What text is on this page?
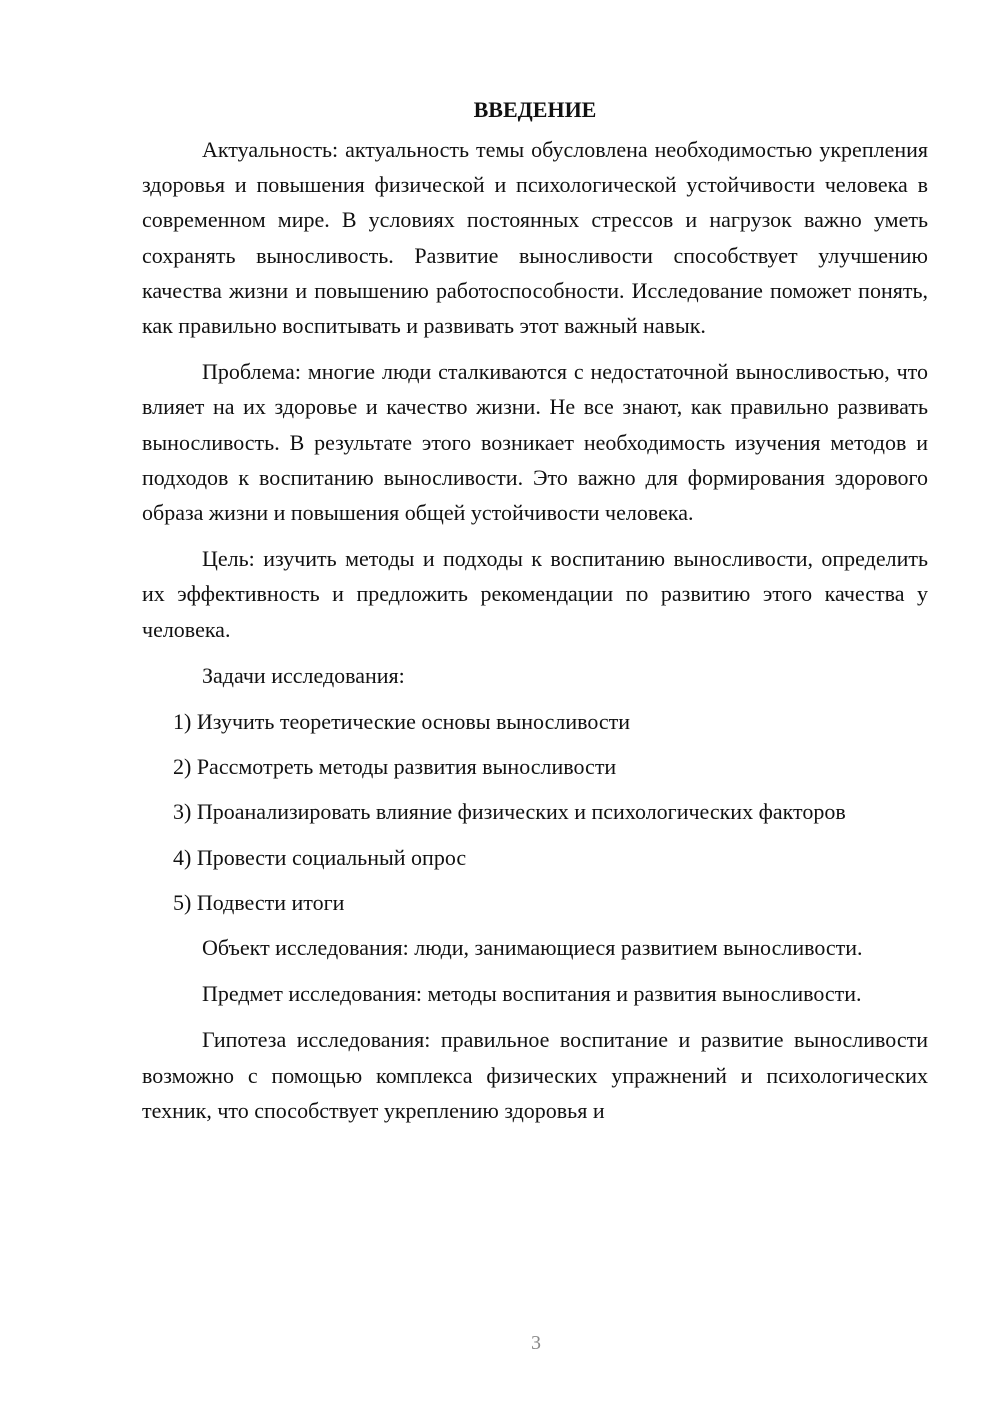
ВВЕДЕНИЕ

Актуальность: актуальность темы обусловлена необходимостью укрепления здоровья и повышения физической и психологической устойчивости человека в современном мире. В условиях постоянных стрессов и нагрузок важно уметь сохранять выносливость. Развитие выносливости способствует улучшению качества жизни и повышению работоспособности. Исследование поможет понять, как правильно воспитывать и развивать этот важный навык.

Проблема: многие люди сталкиваются с недостаточной выносливостью, что влияет на их здоровье и качество жизни. Не все знают, как правильно развивать выносливость. В результате этого возникает необходимость изучения методов и подходов к воспитанию выносливости. Это важно для формирования здорового образа жизни и повышения общей устойчивости человека.

Цель: изучить методы и подходы к воспитанию выносливости, определить их эффективность и предложить рекомендации по развитию этого качества у человека.

Задачи исследования:

1) Изучить теоретические основы выносливости

2) Рассмотреть методы развития выносливости

3) Проанализировать влияние физических и психологических факторов

4) Провести социальный опрос

5) Подвести итоги

Объект исследования: люди, занимающиеся развитием выносливости.

Предмет исследования: методы воспитания и развития выносливости.

Гипотеза исследования: правильное воспитание и развитие выносливости возможно с помощью комплекса физических упражнений и психологических техник, что способствует укреплению здоровья и

3
